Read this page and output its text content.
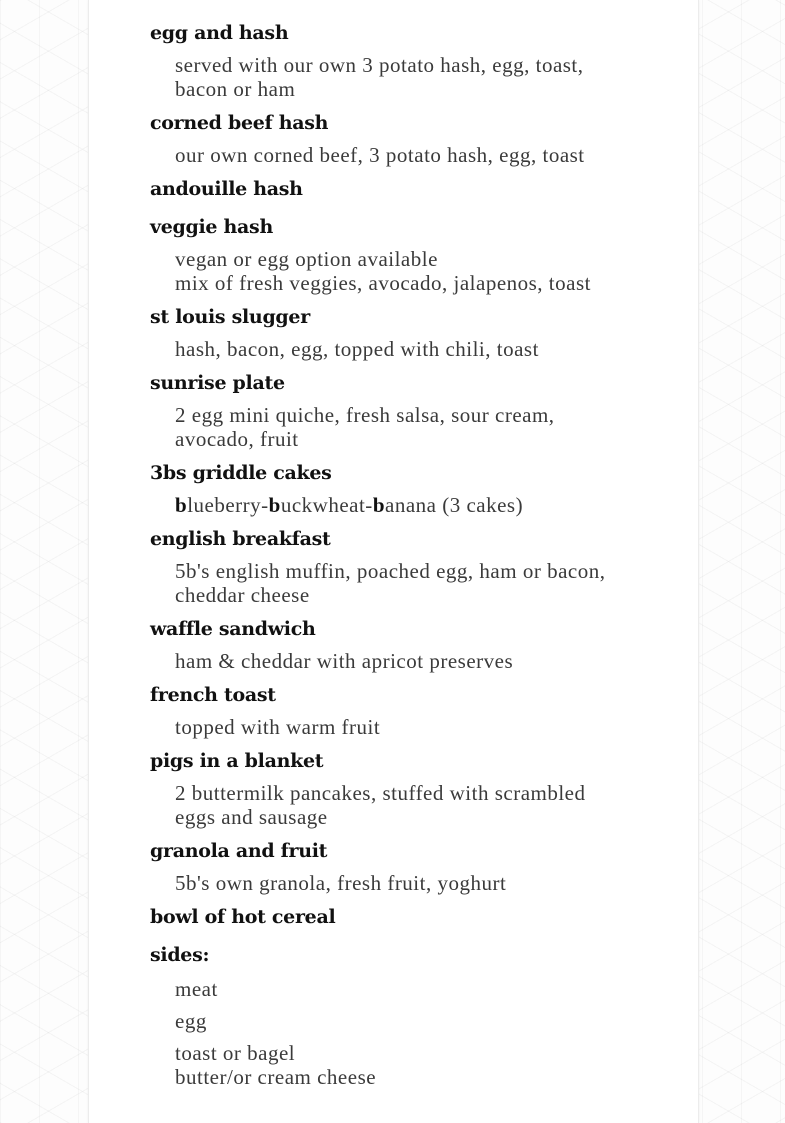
egg and hash
served with our own 3 potato hash, egg, toast,
bacon or ham
corned beef hash
our own corned beef, 3 potato hash, egg, toast
andouille hash
veggie hash
vegan or egg option available
mix of fresh veggies, avocado, jalapenos, toast
st louis slugger
hash, bacon, egg, topped with chili, toast
sunrise plate
2 egg mini quiche, fresh salsa, sour cream,
avocado, fruit
3bs griddle cakes
blueberry-buckwheat-banana (3 cakes)
english breakfast
5b's english muffin, poached egg, ham or bacon,
cheddar cheese
waffle sandwich
ham & cheddar with apricot preserves
french toast
topped with warm fruit
pigs in a blanket
2 buttermilk pancakes, stuffed with scrambled
eggs and sausage
granola and fruit
5b's own granola, fresh fruit, yoghurt
bowl of hot cereal
sides:
meat
egg
toast or bagel
butter/or cream cheese
